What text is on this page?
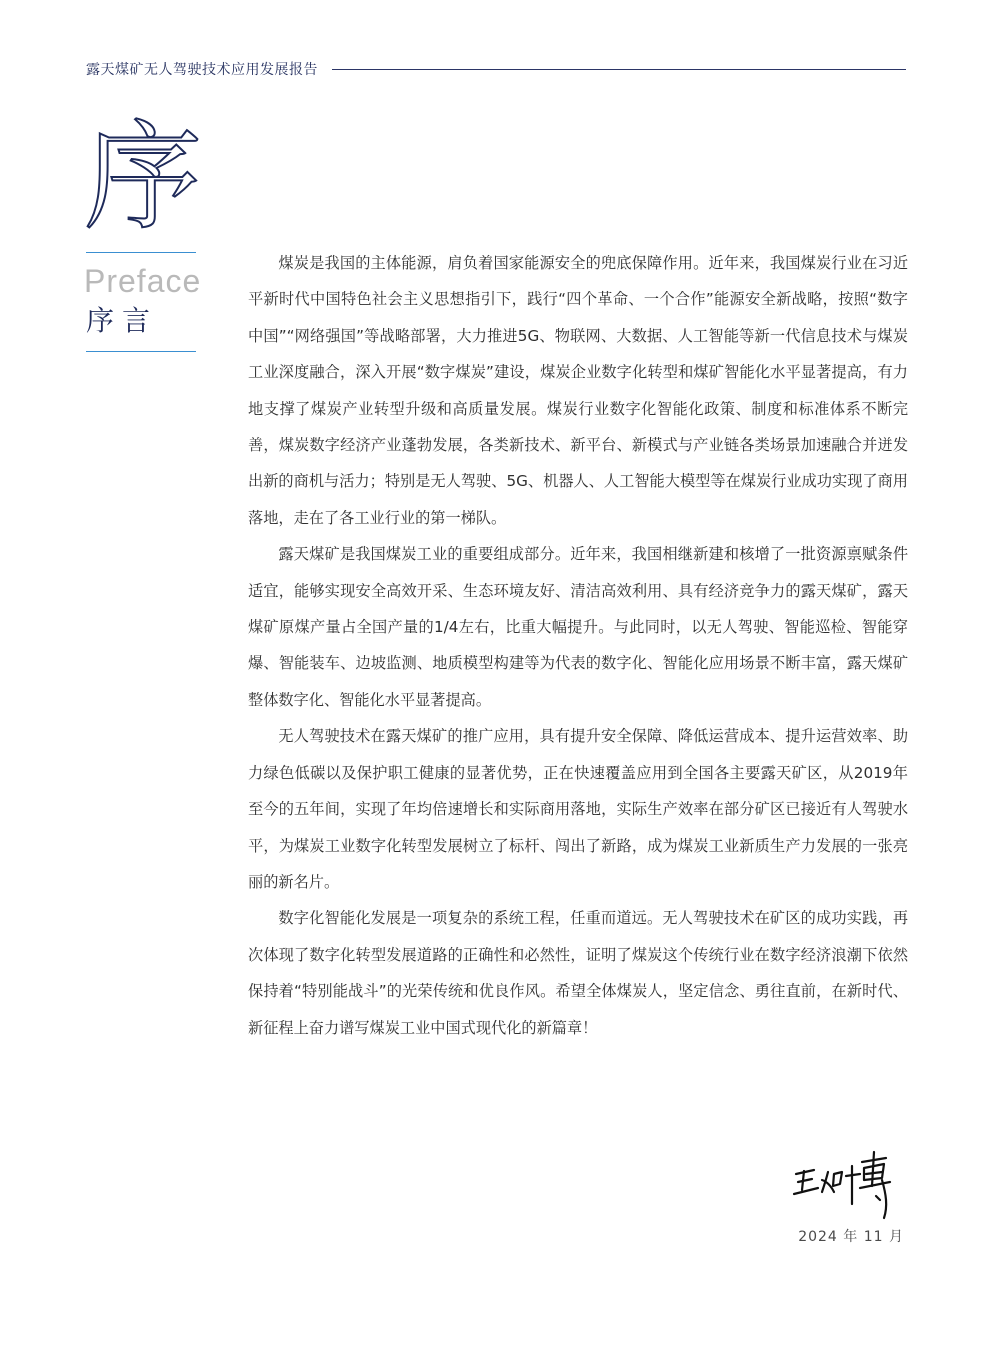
露天煤矿无人驾驶技术应用发展报告
序
Preface
序言

煤炭是我国的主体能源，肩负着国家能源安全的兜底保障作用。近年来，我国煤炭行业在习近平新时代中国特色社会主义思想指引下，践行“四个革命、一个合作”能源安全新战略，按照“数字中国”“网络强国”等战略部署，大力推进5G、物联网、大数据、人工智能等新一代信息技术与煤炭工业深度融合，深入开展“数字煤炭”建设，煤炭企业数字化转型和煤矿智能化水平显著提高，有力地支撑了煤炭产业转型升级和高质量发展。煤炭行业数字化智能化政策、制度和标准体系不断完善，煤炭数字经济产业蓬勃发展，各类新技术、新平台、新模式与产业链各类场景加速融合并迸发出新的商机与活力；特别是无人驾驶、5G、机器人、人工智能大模型等在煤炭行业成功实现了商用落地，走在了各工业行业的第一梯队。

露天煤矿是我国煤炭工业的重要组成部分。近年来，我国相继新建和核增了一批资源禀赋条件适宜，能够实现安全高效开采、生态环境友好、清洁高效利用、具有经济竞争力的露天煤矿，露天煤矿原煤产量占全国产量的1/4左右，比重大幅提升。与此同时，以无人驾驶、智能巡检、智能穿爆、智能装车、边坡监测、地质模型构建等为代表的数字化、智能化应用场景不断丰富，露天煤矿整体数字化、智能化水平显著提高。

无人驾驶技术在露天煤矿的推广应用，具有提升安全保障、降低运营成本、提升运营效率、助力绿色低碳以及保护职工健康的显著优势，正在快速覆盖应用到全国各主要露天矿区，从2019年至今的五年间，实现了年均倍速增长和实际商用落地，实际生产效率在部分矿区已接近有人驾驶水平，为煤炭工业数字化转型发展树立了标杆、闯出了新路，成为煤炭工业新质生产力发展的一张亮丽的新名片。

数字化智能化发展是一项复杂的系统工程，任重而道远。无人驾驶技术在矿区的成功实践，再次体现了数字化转型发展道路的正确性和必然性，证明了煤炭这个传统行业在数字经济浪潮下依然保持着“特别能战斗”的光荣传统和优良作风。希望全体煤炭人，坚定信念、勇往直前，在新时代、新征程上奋力谱写煤炭工业中国式现代化的新篇章！

2024 年 11 月
